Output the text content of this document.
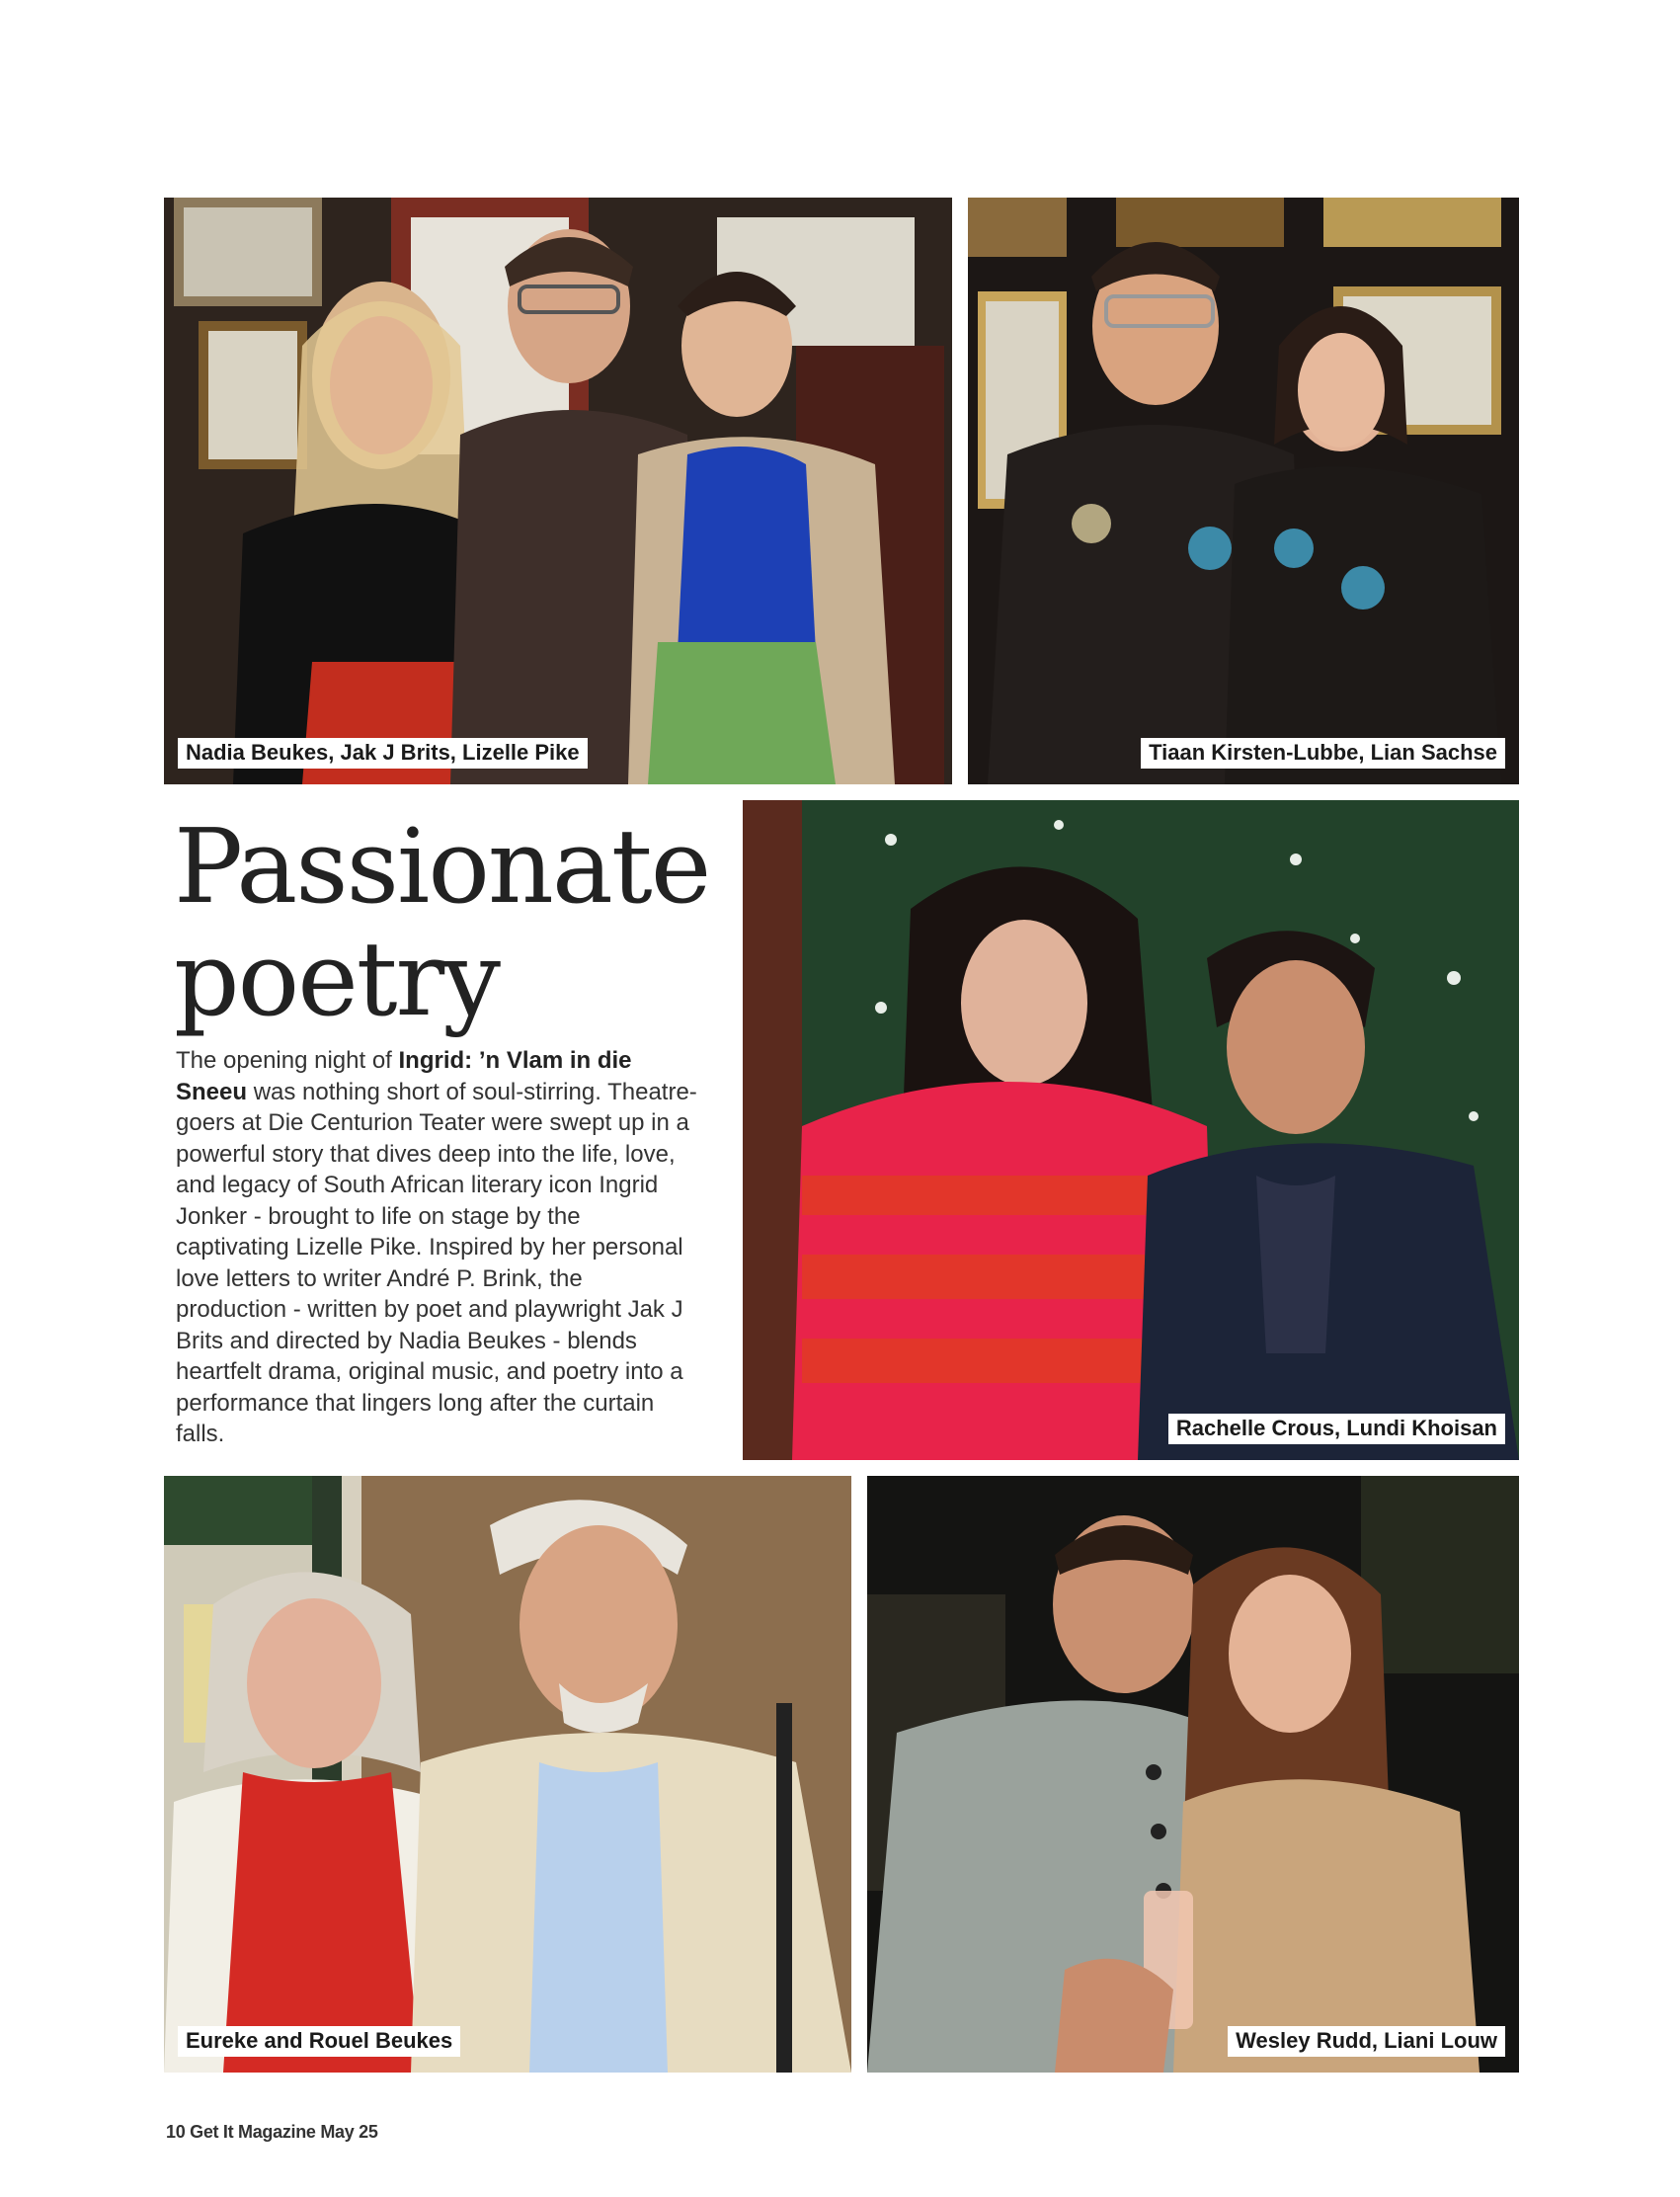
Nadia Beukes, Jak J Brits, Lizelle Pike	Tiaan Kirsten-Lubbe, Lian Sachse
Rachelle Crous, Lundi Khoisan
Eureke and Rouel Beukes	Wesley Rudd, Liani Louw
Passionate
poetry

The opening night of Ingrid: ’n Vlam in die Sneeu was nothing short of soul-stirring. Theatre-goers at Die Centurion Teater were swept up in a powerful story that dives deep into the life, love, and legacy of South African literary icon Ingrid Jonker - brought to life on stage by the captivating Lizelle Pike. Inspired by her personal love letters to writer André P. Brink, the production - written by poet and playwright Jak J Brits and directed by Nadia Beukes - blends heartfelt drama, original music, and poetry into a performance that lingers long after the curtain falls.

10 Get It Magazine May 25
